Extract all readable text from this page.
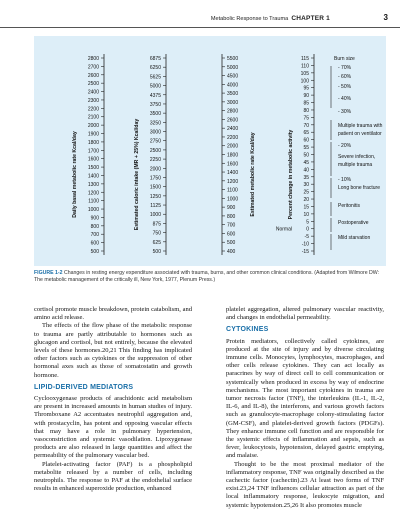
Metabolic Response to Trauma CHAPTER 1	3
2800
2700
2600
2500
2400
2300
2200
2100
2000
1900
1800
1700
1600
1500
1400
1300
1200
1100
1000
900
800
700
600
500
Daily basal metabolic rate Kcal/day
6875
6250
5625
5000
4375
3750
3500
3250
3000
2750
2500
2250
2000
1750
1500
1250
1125
1000
875
750
625
500
Estimated caloric intake (MR + 25%) Kcal/day
5500
5000
4500
4000
3500
3000
2800
2600
2400
2200
2000
1800
1600
1400
1200
1100
1000
900
800
700
600
500
400
Estimated metabolic rate Kcal/day
115
110
105
100
95
90
85
80
75
70
65
60
55
50
45
40
35
30
25
20
15
10
5
0
-5
-10
-15
Percent change in metabolic activity
Normal
Burn size
- 70%
- 60%
- 50%
- 40%
- 30%
Multiple trauma with
patient on ventilator
- 20%
Severe infection,
multiple trauma
- 10%
Long bone fracture
Peritonitis
Postoperative
Mild starvation
FIGURE 1-2 Changes in resting energy expenditure associated with trauma, burns, and other common clinical conditions. (Adapted from Wilmore DW: The metabolic management of the critically ill, New York, 1977, Plenum Press.)

cortisol promote muscle breakdown, protein catabolism, and amino acid release.

The effects of the flow phase of the metabolic response to trauma are partly attributable to hormones such as glucagon and cortisol, but not entirely, because the elevated levels of these hormones.20,21 This finding has implicated other factors such as cytokines or the suppression of other hormonal axes such as those of somatostatin and growth hormone.

LIPID-DERIVED MEDIATORS

Cyclooxygenase products of arachidonic acid metabolism are present in increased amounts in human studies of injury. Thromboxane A2 accentuates neutrophil aggregation and, with prostacyclin, has potent and opposing vascular effects that may have a role in pulmonary hypertension, vasoconstriction and systemic vasodilation. Lipoxygenase products are also released in large quantities and affect the permeability of the pulmonary vascular bed.

Platelet-activating factor (PAF) is a phospholipid metabolite released by a number of cells, including neutrophils. The response to PAF at the endothelial surface results in enhanced superoxide production, enhanced

platelet aggregation, altered pulmonary vascular reactivity, and changes in endothelial permeability.

CYTOKINES

Protein mediators, collectively called cytokines, are produced at the site of injury and by diverse circulating immune cells. Monocytes, lymphocytes, macrophages, and other cells release cytokines. They can act locally as paracrines by way of direct cell to cell communication or systemically when produced in excess by way of endocrine mechanisms. The most important cytokines in trauma are tumor necrosis factor (TNF), the interleukins (IL-1, IL-2, IL-6, and IL-8), the interferons, and various growth factors such as granulocyte-macrophage colony-stimulating factor (GM-CSF), and platelet-derived growth factors (PDGFs). They enhance immune cell function and are responsible for the systemic effects of inflammation and sepsis, such as fever, leukocytosis, hypotension, delayed gastric emptying, and malaise.

Thought to be the most proximal mediator of the inflammatory response, TNF was originally described as the cachectic factor (cachectin).23 At least two forms of TNF exist.23,24 TNF influences cellular attraction as part of the local inflammatory response, leukocyte migration, and systemic hypotension.25,26 It also promotes muscle
